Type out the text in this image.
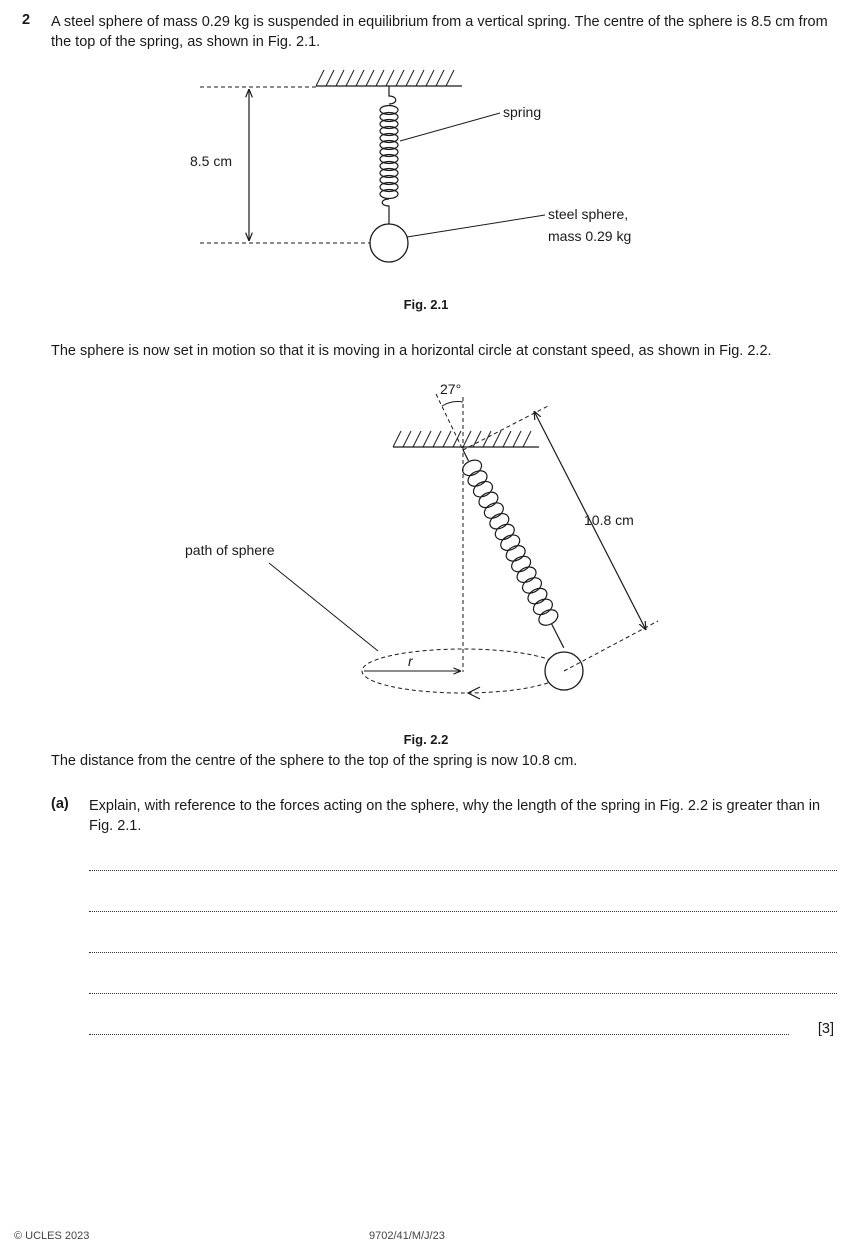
2 A steel sphere of mass 0.29 kg is suspended in equilibrium from a vertical spring. The centre of the sphere is 8.5 cm from the top of the spring, as shown in Fig. 2.1.
8.5 cm
spring
steel sphere,
mass 0.29 kg
Fig. 2.1
The sphere is now set in motion so that it is moving in a horizontal circle at constant speed, as shown in Fig. 2.2.
27°
r
10.8 cm
path of sphere
Fig. 2.2
The distance from the centre of the sphere to the top of the spring is now 10.8 cm.
(a) Explain, with reference to the forces acting on the sphere, why the length of the spring in Fig. 2.2 is greater than in Fig. 2.1.
[3]
© UCLES 2023	9702/41/M/J/23
